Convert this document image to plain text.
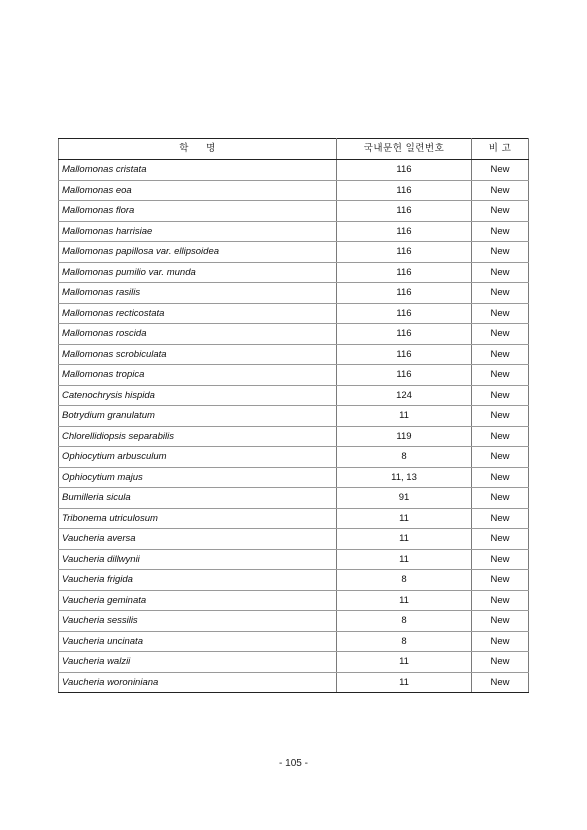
학 명	국내문헌 일련번호	비 고
Mallomonas cristata	116	New
Mallomonas eoa	116	New
Mallomonas flora	116	New
Mallomonas harrisiae	116	New
Mallomonas papillosa var. ellipsoidea	116	New
Mallomonas pumilio var. munda	116	New
Mallomonas rasilis	116	New
Mallomonas recticostata	116	New
Mallomonas roscida	116	New
Mallomonas scrobiculata	116	New
Mallomonas tropica	116	New
Catenochrysis hispida	124	New
Botrydium granulatum	11	New
Chlorellidiopsis separabilis	119	New
Ophiocytium arbusculum	8	New
Ophiocytium majus	11, 13	New
Bumilleria sicula	91	New
Tribonema utriculosum	11	New
Vaucheria aversa	11	New
Vaucheria dillwynii	11	New
Vaucheria frigida	8	New
Vaucheria geminata	11	New
Vaucheria sessilis	8	New
Vaucheria uncinata	8	New
Vaucheria walzii	11	New
Vaucheria woroniniana	11	New
- 105 -
